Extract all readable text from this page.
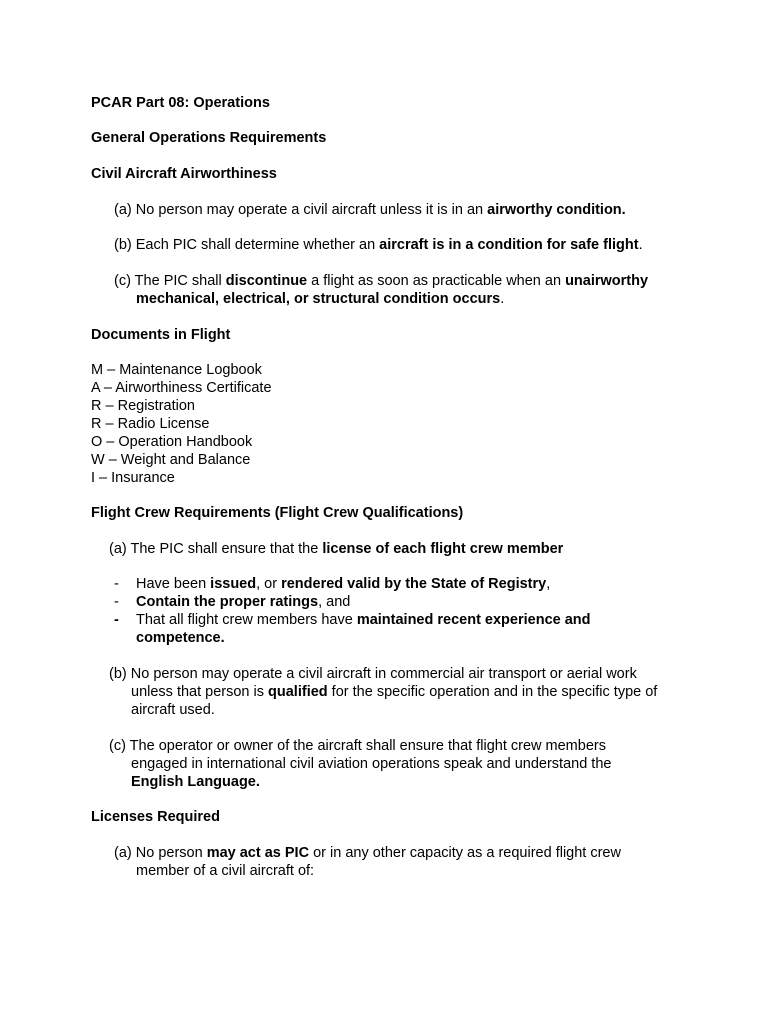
PCAR Part 08: Operations
General Operations Requirements
Civil Aircraft Airworthiness
(a) No person may operate a civil aircraft unless it is in an airworthy condition.
(b) Each PIC shall determine whether an aircraft is in a condition for safe flight.
(c) The PIC shall discontinue a flight as soon as practicable when an unairworthy
mechanical, electrical, or structural condition occurs.
Documents in Flight
M – Maintenance Logbook
A – Airworthiness Certificate
R – Registration
R – Radio License
O – Operation Handbook
W – Weight and Balance
I – Insurance
Flight Crew Requirements (Flight Crew Qualifications)
(a) The PIC shall ensure that the license of each flight crew member
- Have been issued, or rendered valid by the State of Registry,
- Contain the proper ratings, and
- That all flight crew members have maintained recent experience and
competence.
(b) No person may operate a civil aircraft in commercial air transport or aerial work
unless that person is qualified for the specific operation and in the specific type of
aircraft used.
(c) The operator or owner of the aircraft shall ensure that flight crew members
engaged in international civil aviation operations speak and understand the
English Language.
Licenses Required
(a) No person may act as PIC or in any other capacity as a required flight crew
member of a civil aircraft of:
